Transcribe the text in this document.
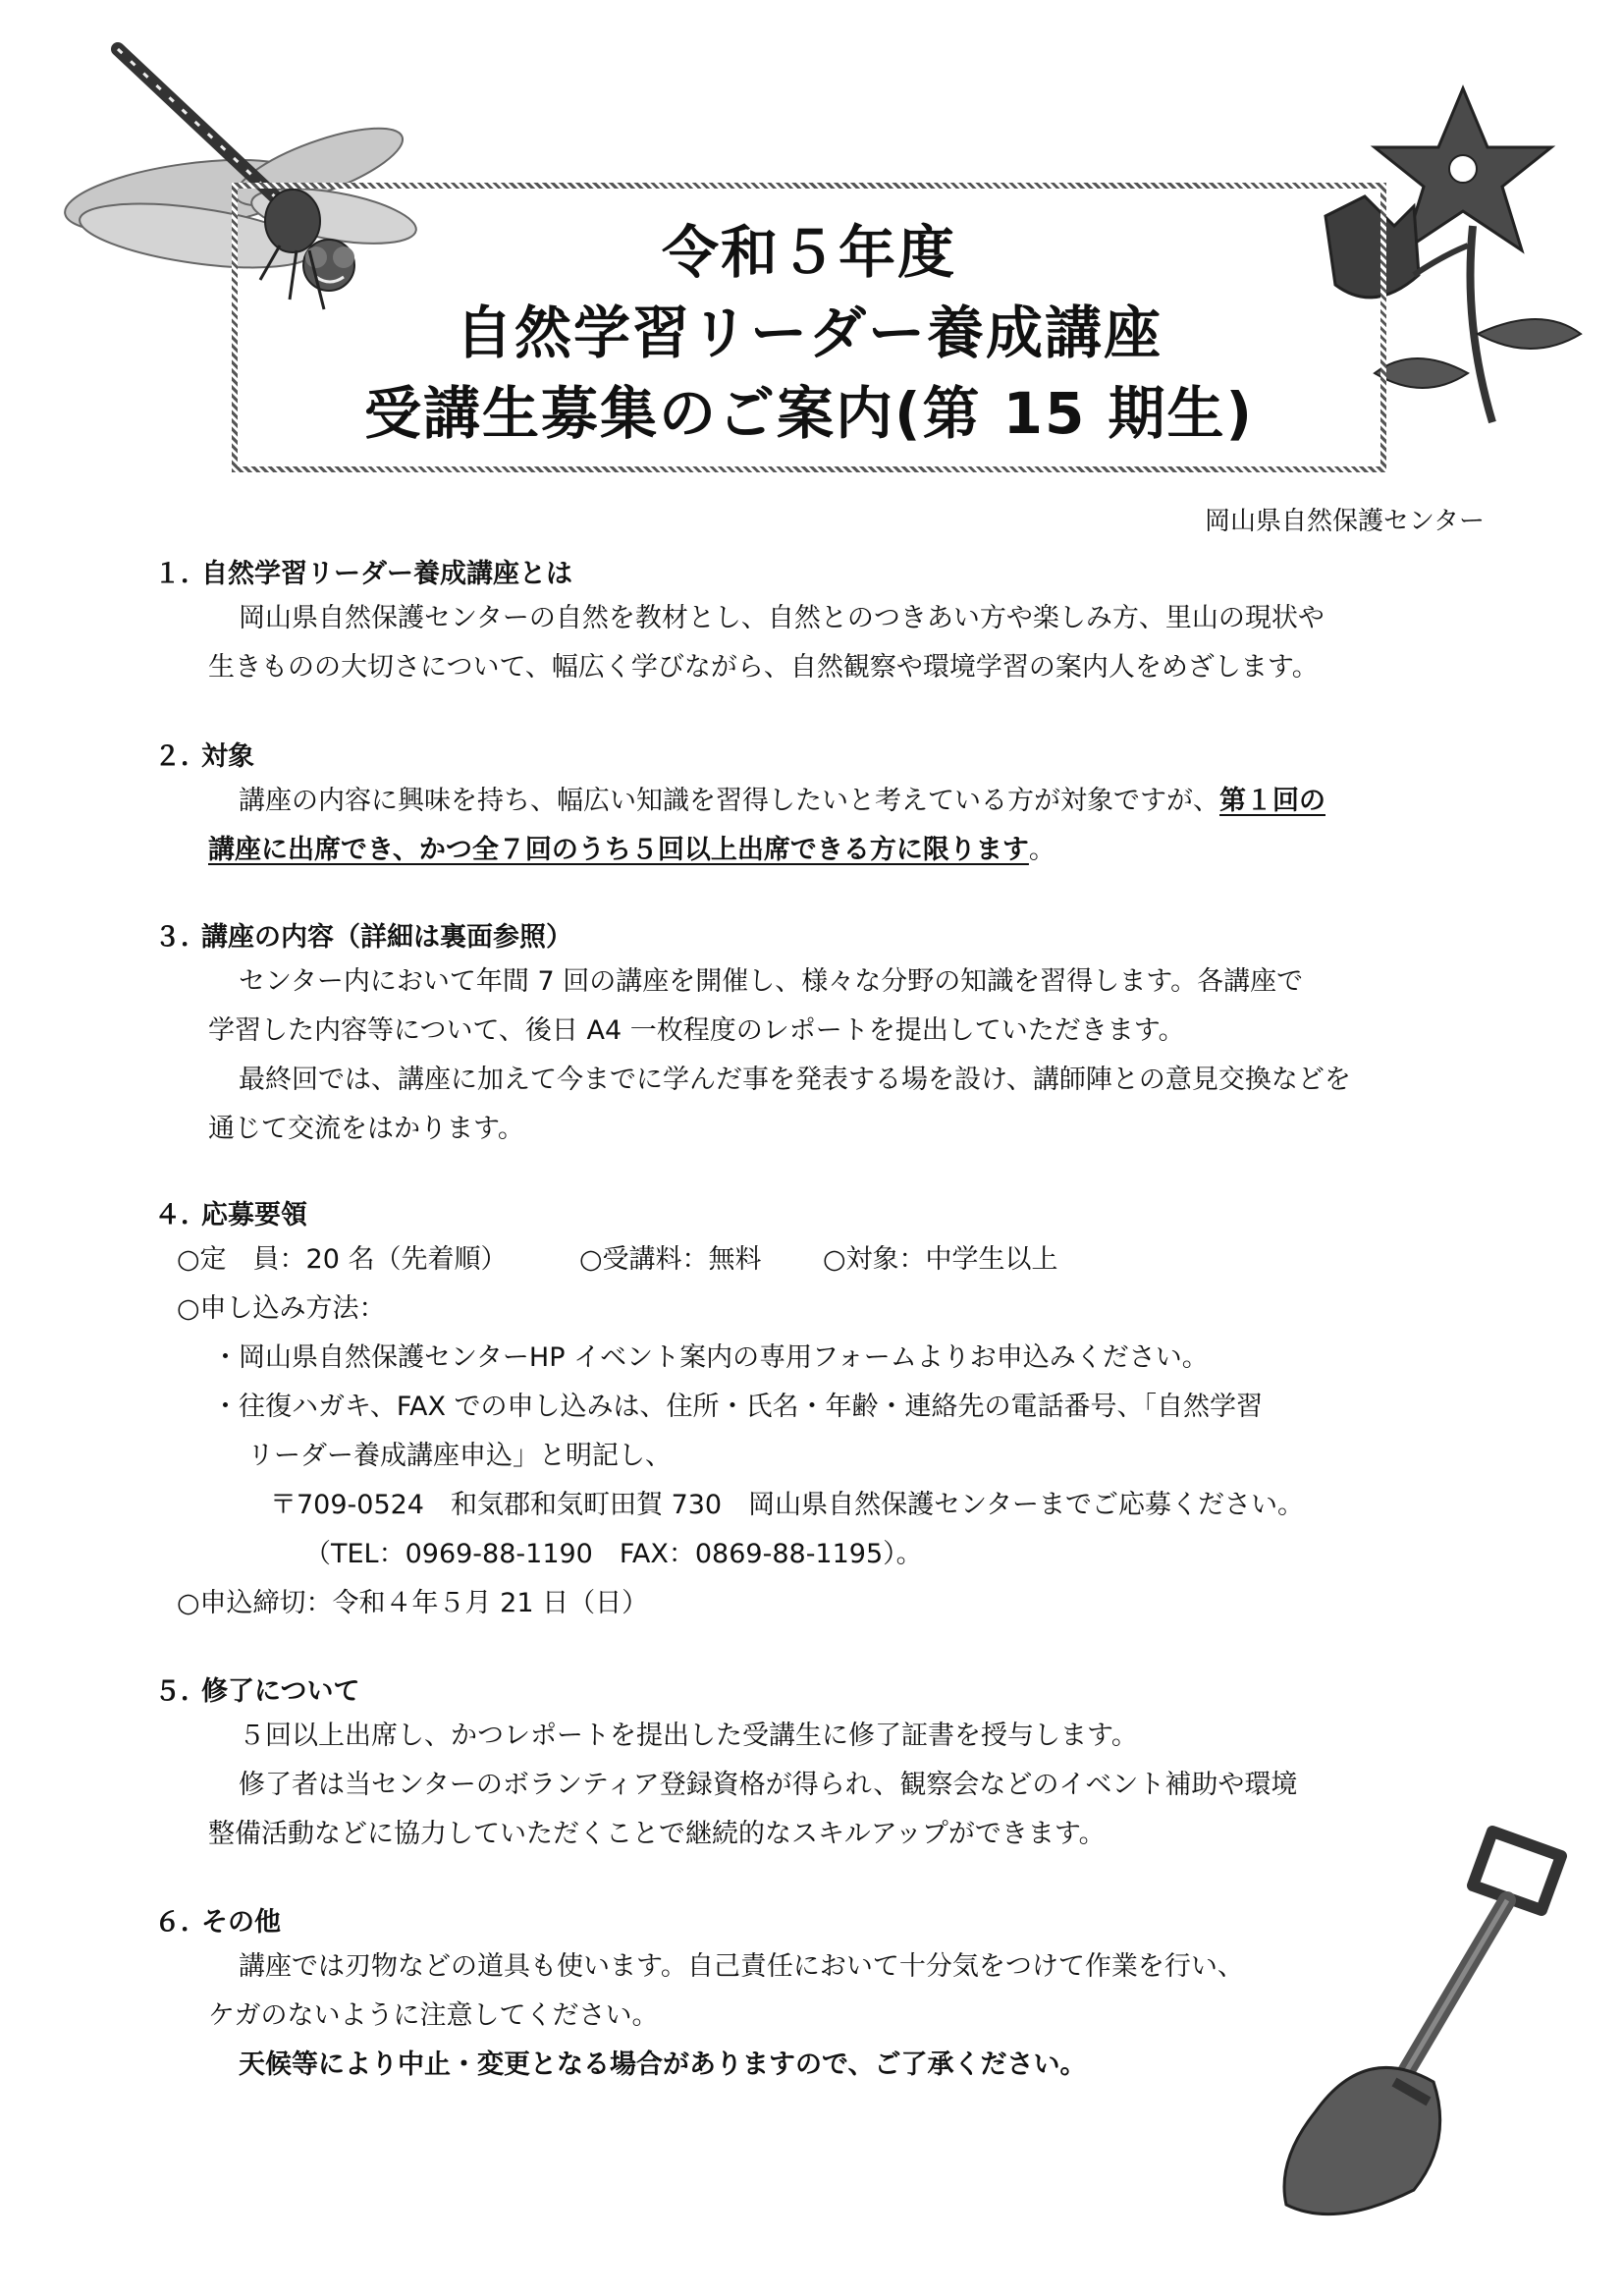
令和５年度
自然学習リーダー養成講座
受講生募集のご案内(第 15 期生)
岡山県自然保護センター
１．自然学習リーダー養成講座とは
岡山県自然保護センターの自然を教材とし、自然とのつきあい方や楽しみ方、里山の現状や
生きものの大切さについて、幅広く学びながら、自然観察や環境学習の案内人をめざします。
２．対象
講座の内容に興味を持ち、幅広い知識を習得したいと考えている方が対象ですが、第１回の
講座に出席でき、かつ全７回のうち５回以上出席できる方に限ります。
３．講座の内容（詳細は裏面参照）
センター内において年間 7 回の講座を開催し、様々な分野の知識を習得します。各講座で
学習した内容等について、後日 A4 一枚程度のレポートを提出していただきます。
最終回では、講座に加えて今までに学んだ事を発表する場を設け、講師陣との意見交換などを
通じて交流をはかります。
４．応募要領
○定　員：20 名（先着順）	○受講料：無料 ○対象：中学生以上
○申し込み方法：
・岡山県自然保護センターHP イベント案内の専用フォームよりお申込みください。
・往復ハガキ、FAX での申し込みは、住所・氏名・年齢・連絡先の電話番号、「自然学習
リーダー養成講座申込」と明記し、
〒709-0524　和気郡和気町田賀 730　岡山県自然保護センターまでご応募ください。
（TEL：0969-88-1190　FAX：0869-88-1195）。
○申込締切：令和４年５月 21 日（日）
５．修了について
５回以上出席し、かつレポートを提出した受講生に修了証書を授与します。
修了者は当センターのボランティア登録資格が得られ、観察会などのイベント補助や環境
整備活動などに協力していただくことで継続的なスキルアップができます。
６．その他
講座では刃物などの道具も使います。自己責任において十分気をつけて作業を行い、
ケガのないように注意してください。
天候等により中止・変更となる場合がありますので、ご了承ください。
